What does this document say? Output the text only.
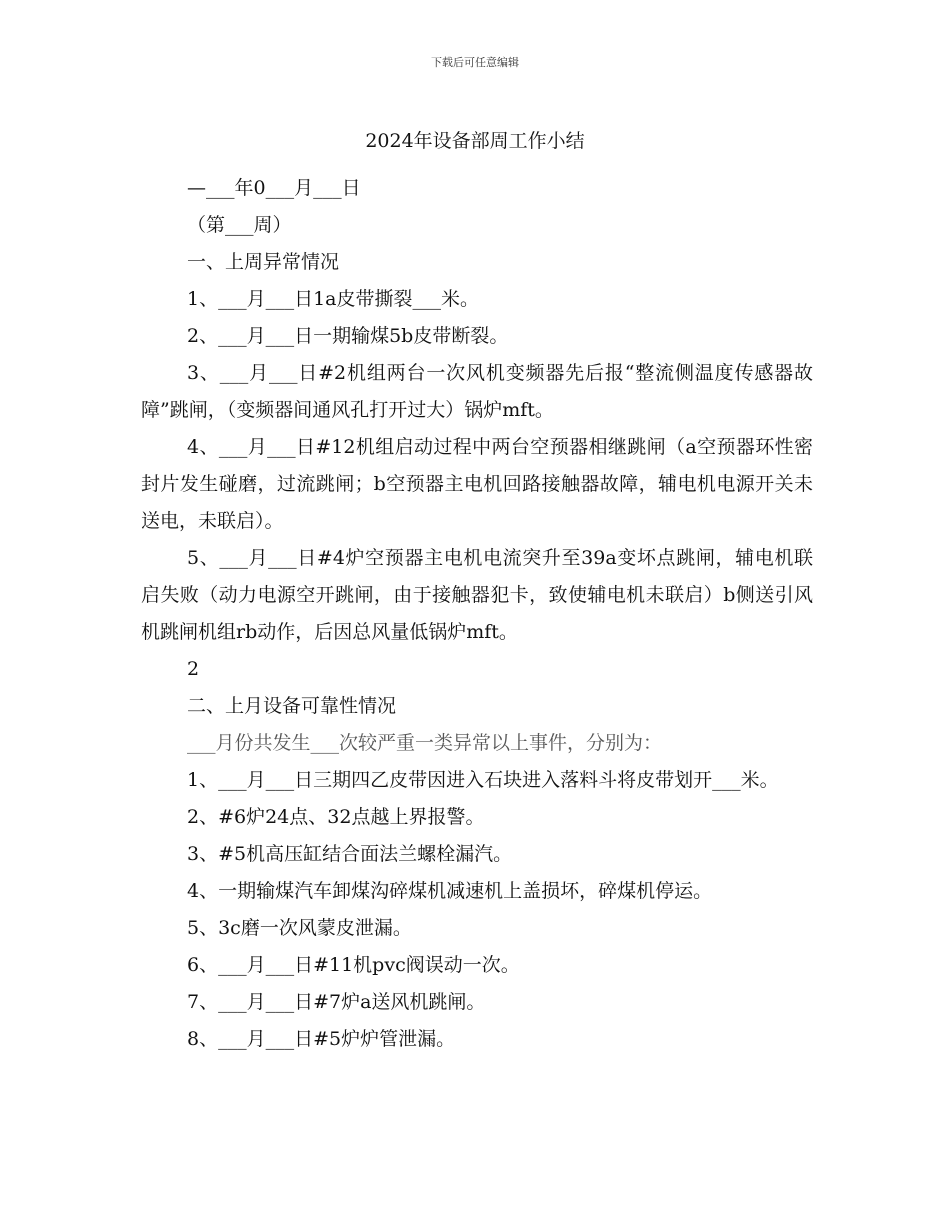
下载后可任意编辑
2024年设备部周工作小结

—___年0___月___日

（第___周）

一、上周异常情况

1、___月___日1a皮带撕裂___米。

2、___月___日一期输煤5b皮带断裂。

3、___月___日#2机组两台一次风机变频器先后报“整流侧温度传感器故障”跳闸，（变频器间通风孔打开过大）锅炉mft。

4、___月___日#12机组启动过程中两台空预器相继跳闸（a空预器环性密封片发生碰磨，过流跳闸；b空预器主电机回路接触器故障，辅电机电源开关未送电，未联启）。

5、___月___日#4炉空预器主电机电流突升至39a变坏点跳闸，辅电机联启失败（动力电源空开跳闸，由于接触器犯卡，致使辅电机未联启）b侧送引风机跳闸机组rb动作，后因总风量低锅炉mft。

2

二、上月设备可靠性情况

___月份共发生___次较严重一类异常以上事件，分别为：

1、___月___日三期四乙皮带因进入石块进入落料斗将皮带划开___米。

2、#6炉24点、32点越上界报警。

3、#5机高压缸结合面法兰螺栓漏汽。

4、一期输煤汽车卸煤沟碎煤机减速机上盖损坏，碎煤机停运。

5、3c磨一次风蒙皮泄漏。

6、___月___日#11机pvc阀误动一次。

7、___月___日#7炉a送风机跳闸。

8、___月___日#5炉炉管泄漏。
